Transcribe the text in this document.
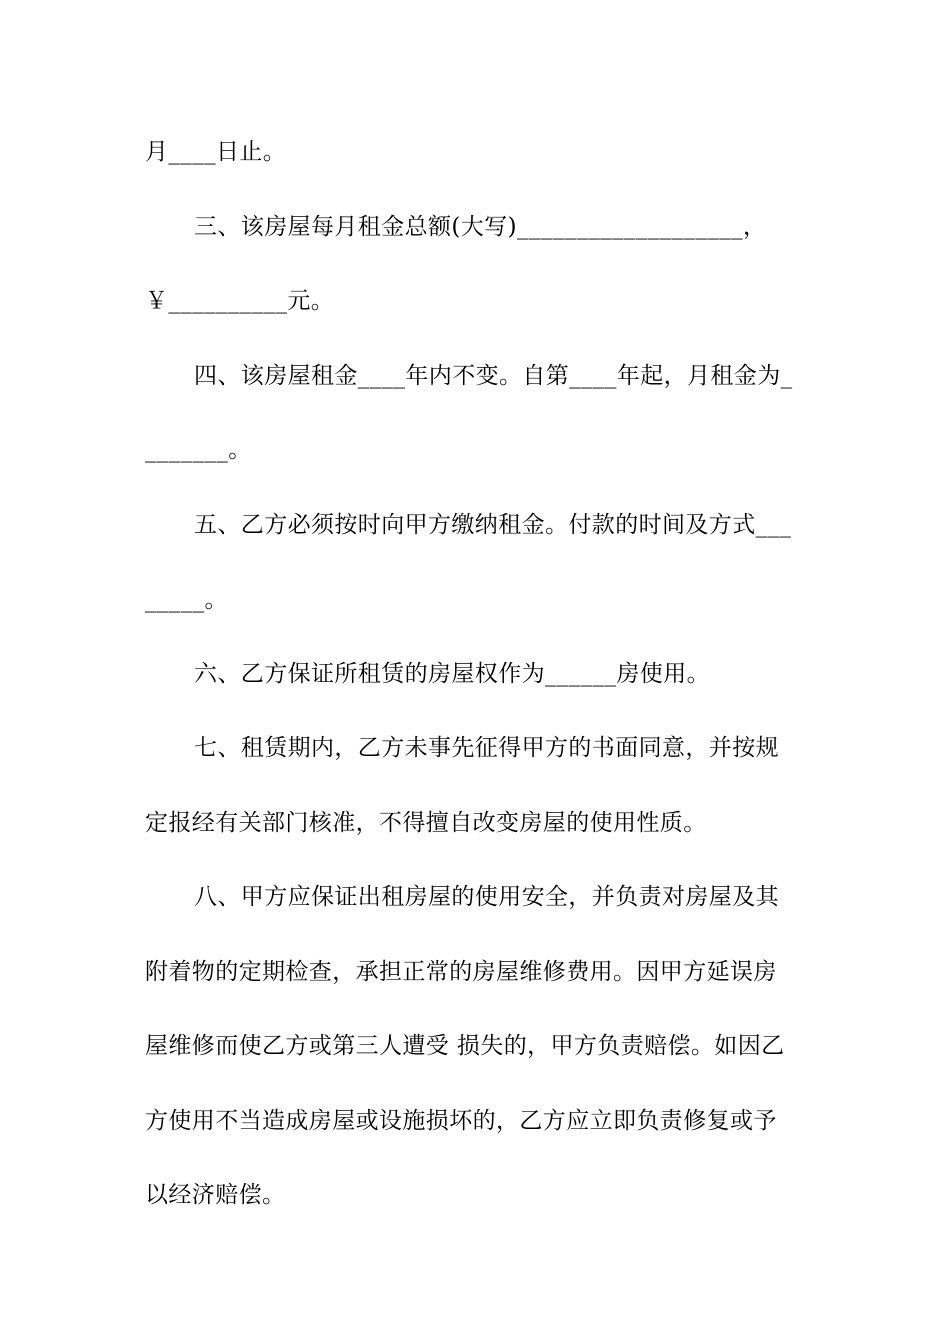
月____日止。
三、该房屋每月租金总额(大写)___________________，
￥__________元。
四、该房屋租金____年内不变。自第____年起，月租金为_
_______。
五、乙方必须按时向甲方缴纳租金。付款的时间及方式___
_____。
六、乙方保证所租赁的房屋权作为______房使用。
七、租赁期内，乙方未事先征得甲方的书面同意，并按规
定报经有关部门核准，不得擅自改变房屋的使用性质。
八、甲方应保证出租房屋的使用安全，并负责对房屋及其
附着物的定期检查，承担正常的房屋维修费用。因甲方延误房
屋维修而使乙方或第三人遭受 损失的，甲方负责赔偿。如因乙
方使用不当造成房屋或设施损坏的，乙方应立即负责修复或予
以经济赔偿。
